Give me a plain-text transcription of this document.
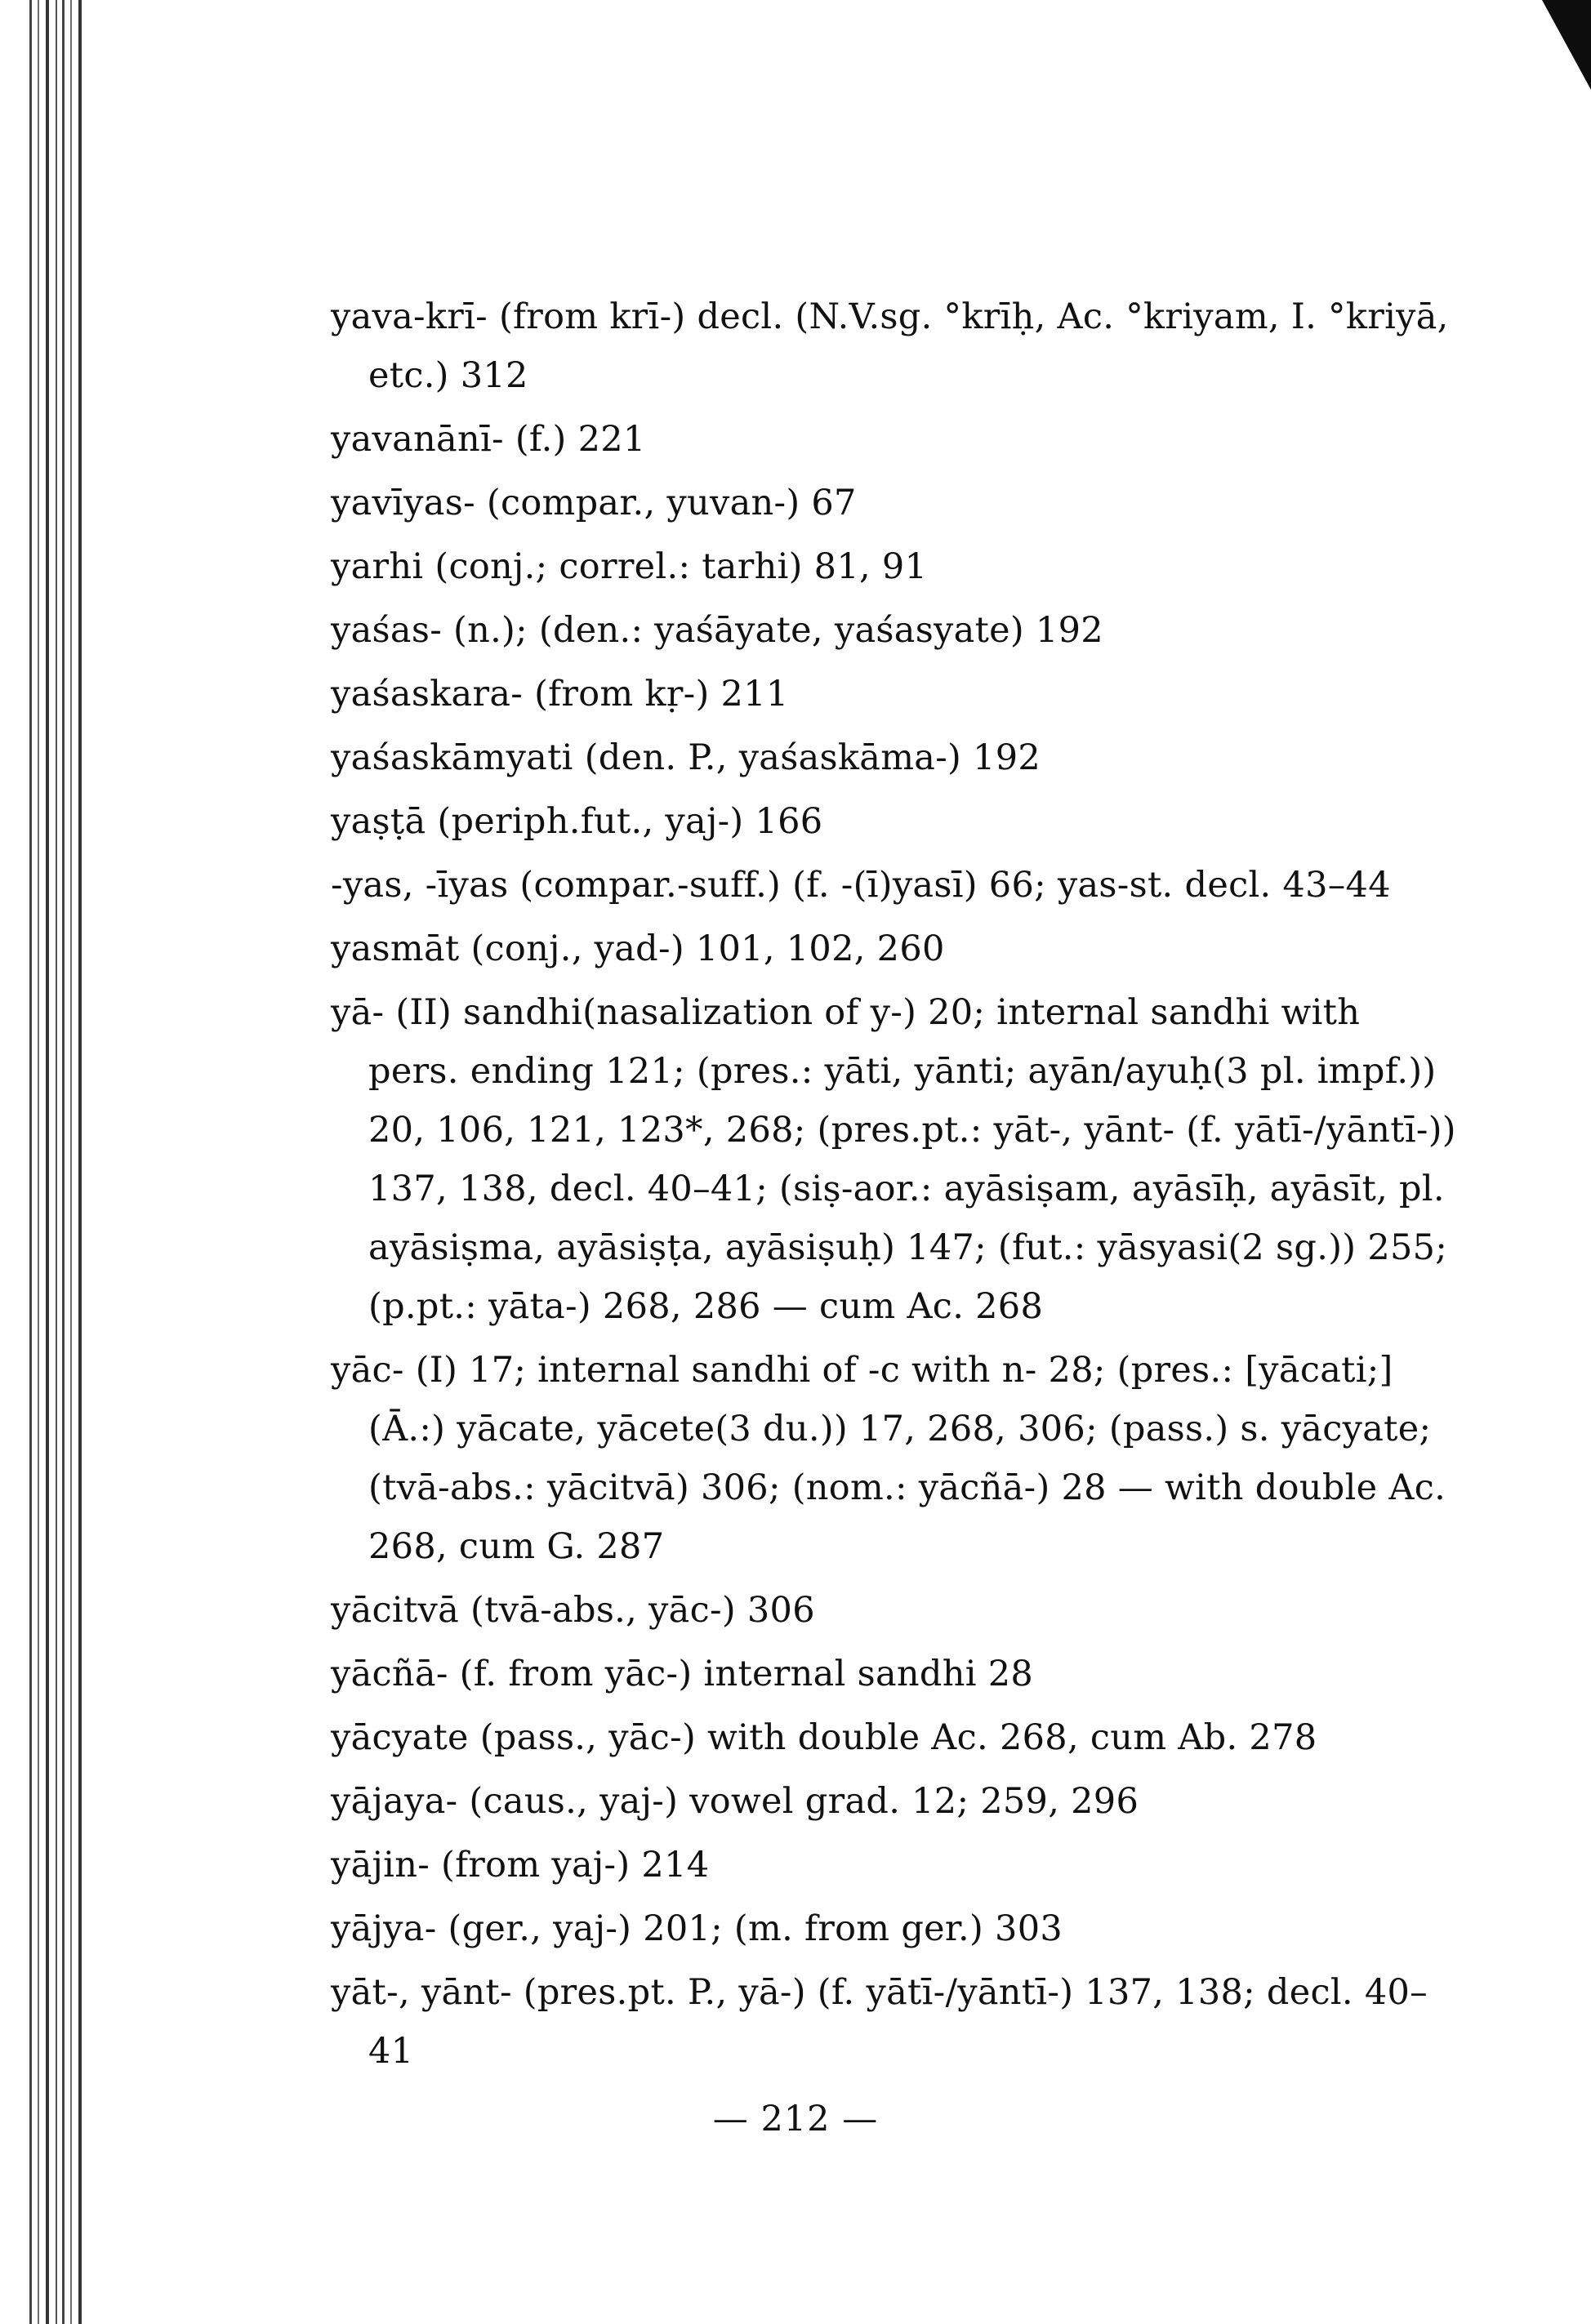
yava-krī- (from krī-) decl. (N.V.sg. °krīḥ, Ac. °kriyam, I. °kriyā, etc.) 312

yavanānī- (f.) 221

yavīyas- (compar., yuvan-) 67

yarhi (conj.; correl.: tarhi) 81, 91

yaśas- (n.); (den.: yaśāyate, yaśasyate) 192

yaśaskara- (from kṛ-) 211

yaśaskāmyati (den. P., yaśaskāma-) 192

yaṣṭā (periph.fut., yaj-) 166

-yas, -īyas (compar.-suff.) (f. -(ī)yasī) 66; yas-st. decl. 43–44

yasmāt (conj., yad-) 101, 102, 260

yā- (II) sandhi(nasalization of y-) 20; internal sandhi with pers. ending 121; (pres.: yāti, yānti; ayān/ayuḥ(3 pl. impf.)) 20, 106, 121, 123*, 268; (pres.pt.: yāt-, yānt- (f. yātī-/yāntī-)) 137, 138, decl. 40–41; (siṣ-aor.: ayāsiṣam, ayāsīḥ, ayāsīt, pl. ayāsiṣma, ayāsiṣṭa, ayāsiṣuḥ) 147; (fut.: yāsyasi(2 sg.)) 255; (p.pt.: yāta-) 268, 286 — cum Ac. 268

yāc- (I) 17; internal sandhi of -c with n- 28; (pres.: [yācati;] (Ā.:) yācate, yācete(3 du.)) 17, 268, 306; (pass.) s. yācyate; (tvā-abs.: yācitvā) 306; (nom.: yācñā-) 28 — with double Ac. 268, cum G. 287

yācitvā (tvā-abs., yāc-) 306

yācñā- (f. from yāc-) internal sandhi 28

yācyate (pass., yāc-) with double Ac. 268, cum Ab. 278

yājaya- (caus., yaj-) vowel grad. 12; 259, 296

yājin- (from yaj-) 214

yājya- (ger., yaj-) 201; (m. from ger.) 303

yāt-, yānt- (pres.pt. P., yā-) (f. yātī-/yāntī-) 137, 138; decl. 40–41

— 212 —
